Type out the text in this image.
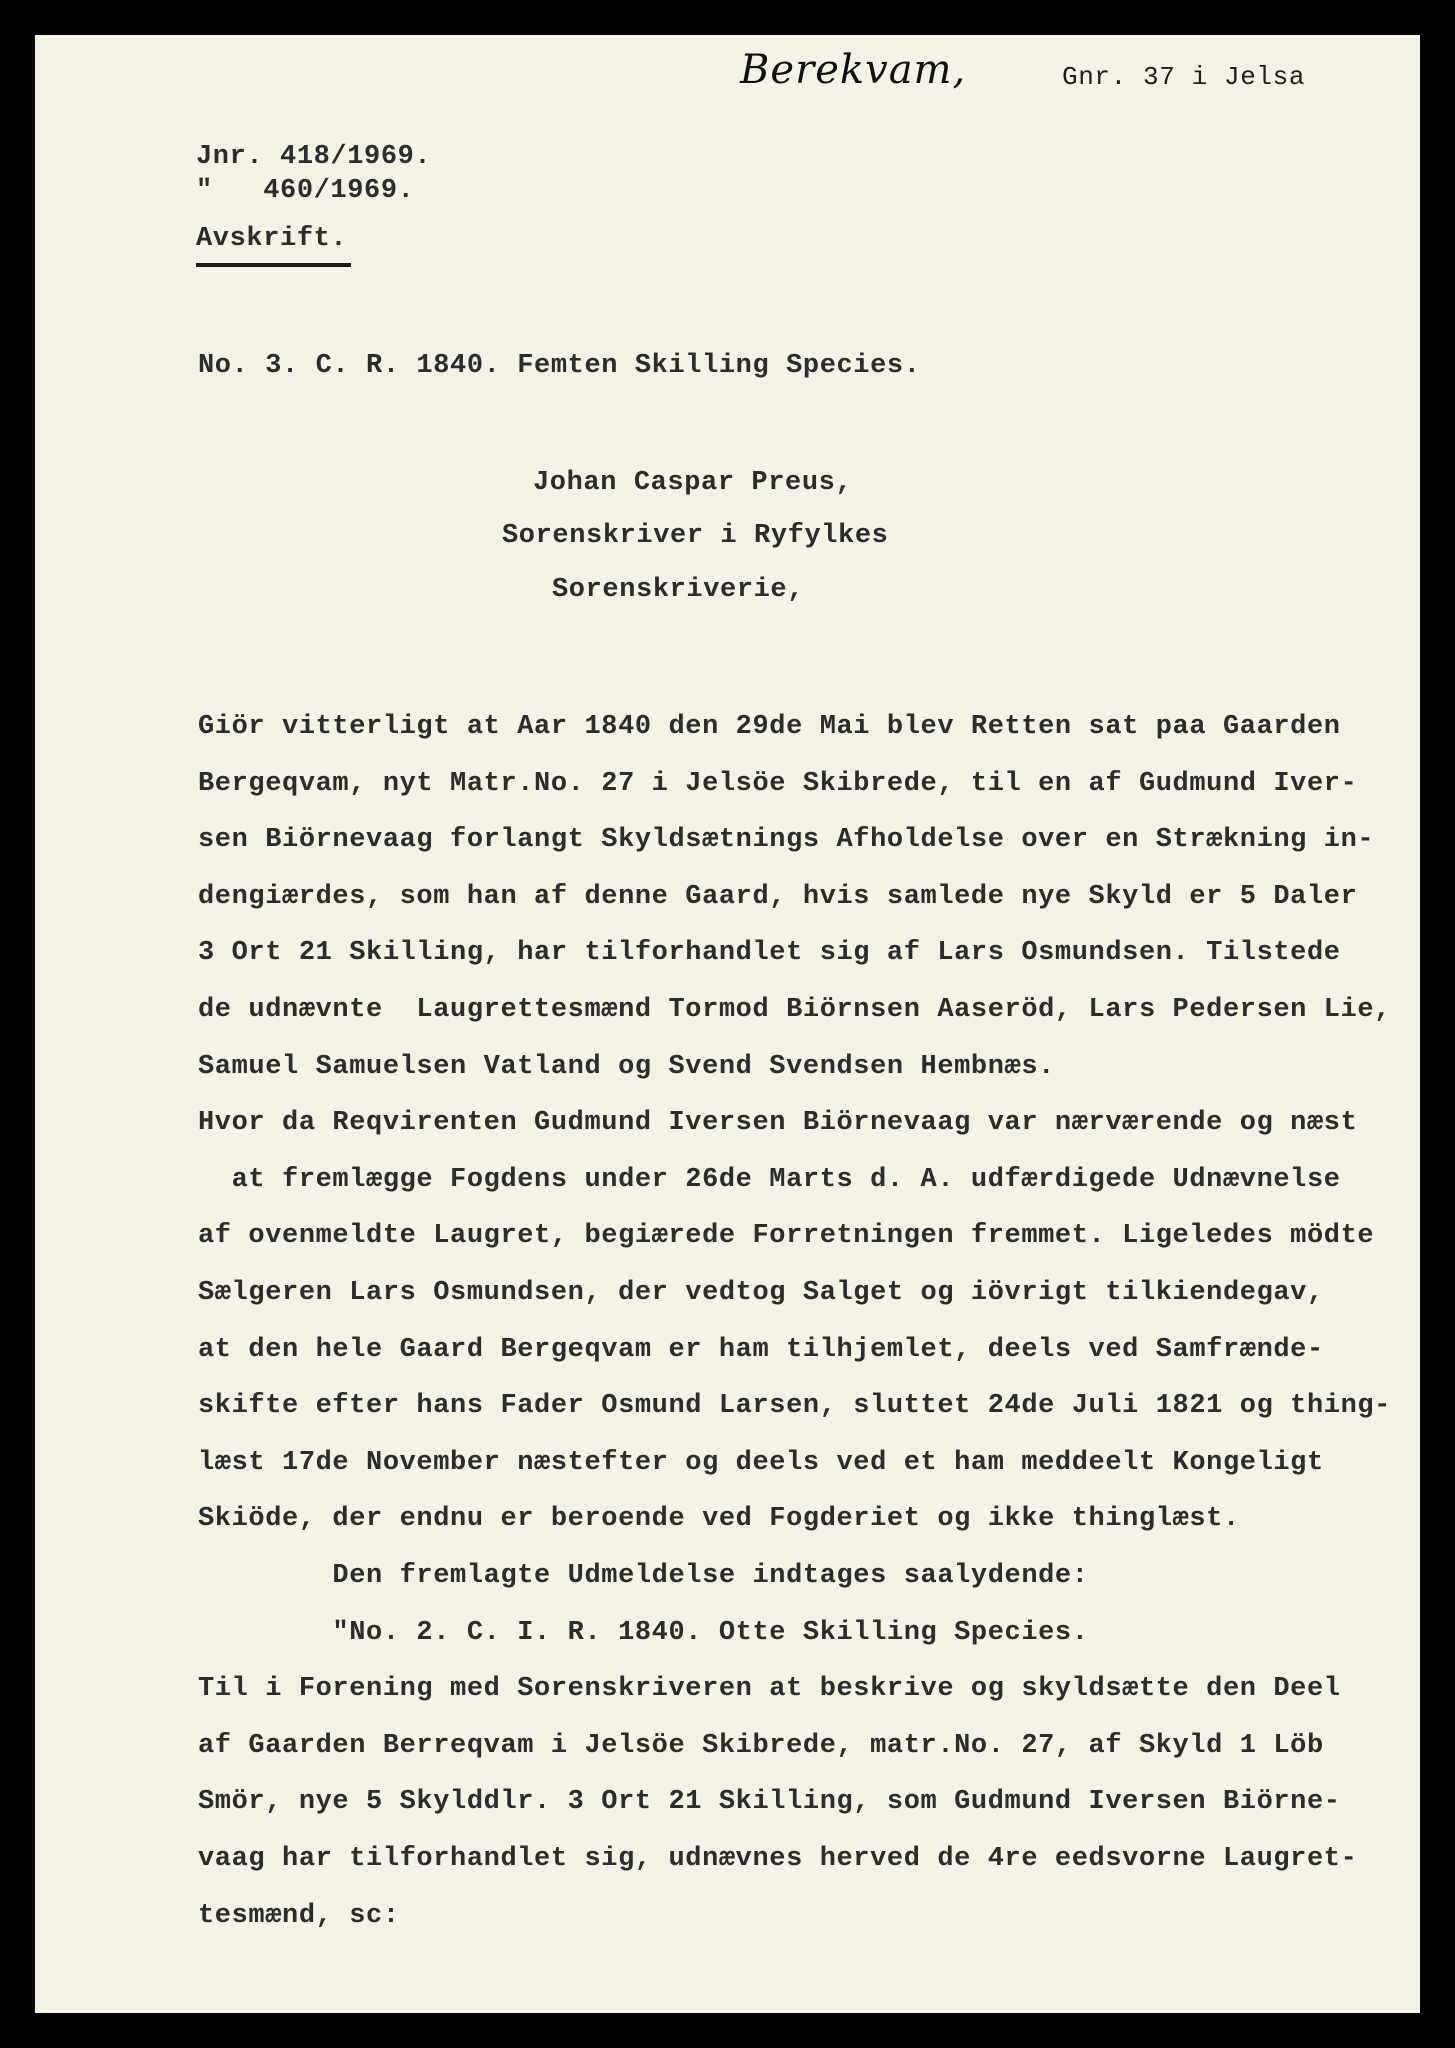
Berekvam,	Gnr. 37 i Jelsa
Jnr. 418/1969.
"   460/1969.
Avskrift.
No. 3. C. R. 1840. Femten Skilling Species.
Johan Caspar Preus,
Sorenskriver i Ryfylkes
Sorenskriverie,
Giör vitterligt at Aar 1840 den 29de Mai blev Retten sat paa Gaarden
Bergeqvam, nyt Matr.No. 27 i Jelsöe Skibrede, til en af Gudmund Iver-
sen Biörnevaag forlangt Skyldsætnings Afholdelse over en Strækning in-
dengiærdes, som han af denne Gaard, hvis samlede nye Skyld er 5 Daler
3 Ort 21 Skilling, har tilforhandlet sig af Lars Osmundsen. Tilstede
de udnævnte  Laugrettesmænd Tormod Biörnsen Aaseröd, Lars Pedersen Lie,
Samuel Samuelsen Vatland og Svend Svendsen Hembnæs.
Hvor da Reqvirenten Gudmund Iversen Biörnevaag var nærværende og næst
at fremlægge Fogdens under 26de Marts d. A. udfærdigede Udnævnelse
af ovenmeldte Laugret, begiærede Forretningen fremmet. Ligeledes mödte
Sælgeren Lars Osmundsen, der vedtog Salget og iövrigt tilkiendegav,
at den hele Gaard Bergeqvam er ham tilhjemlet, deels ved Samfrænde-
skifte efter hans Fader Osmund Larsen, sluttet 24de Juli 1821 og thing-
læst 17de November næstefter og deels ved et ham meddeelt Kongeligt
Skiöde, der endnu er beroende ved Fogderiet og ikke thinglæst.
Den fremlagte Udmeldelse indtages saalydende:
"No. 2. C. I. R. 1840. Otte Skilling Species.
Til i Forening med Sorenskriveren at beskrive og skyldsætte den Deel
af Gaarden Berreqvam i Jelsöe Skibrede, matr.No. 27, af Skyld 1 Löb
Smör, nye 5 Skylddlr. 3 Ort 21 Skilling, som Gudmund Iversen Biörne-
vaag har tilforhandlet sig, udnævnes herved de 4re eedsvorne Laugret-
tesmænd, sc:
